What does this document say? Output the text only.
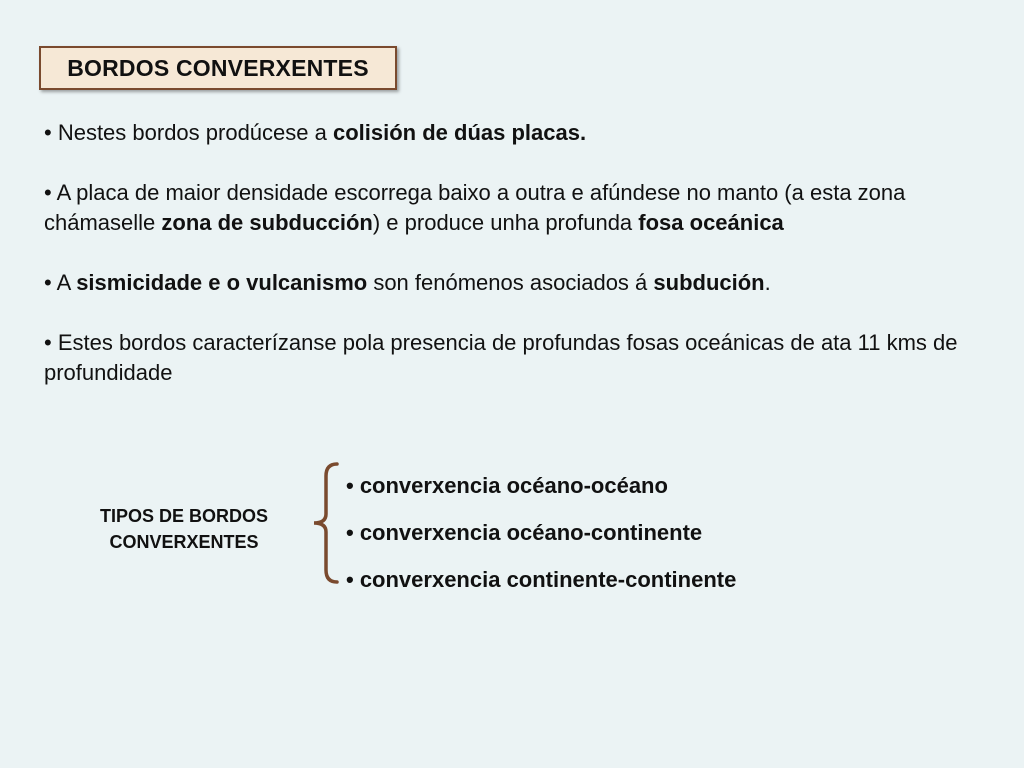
BORDOS CONVERXENTES

• Nestes bordos prodúcese a colisión de dúas placas.

• A placa de maior densidade escorrega baixo a outra e afúndese no manto (a esta zona chámaselle zona de subducción) e produce unha profunda fosa oceánica

• A sismicidade e o vulcanismo son fenómenos asociados á subdución.

• Estes bordos caracterízanse pola presencia de profundas fosas oceánicas de ata 11 kms de profundidade

TIPOS DE BORDOS
CONVERXENTES
• converxencia océano-océano
• converxencia océano-continente
• converxencia continente-continente
